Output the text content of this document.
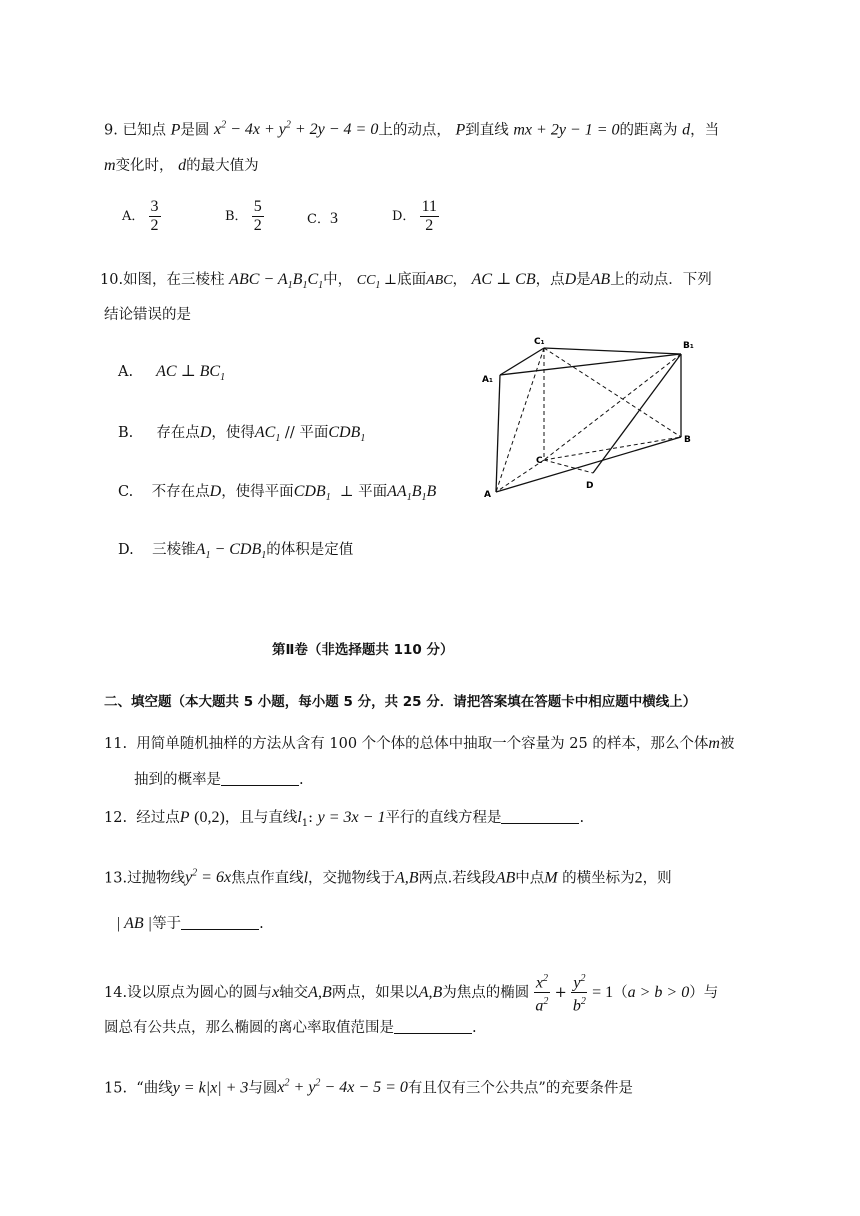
9. 已知点 P是圆 $x^2 - 4x + y^2 + 2y - 4 = 0$上的动点， P到直线 mx + 2y − 1 = 0的距离为 d，当
m变化时， d的最大值为
A． $\frac{3}{2}$	B． $\frac{5}{2}$	C．3	D． $\frac{11}{2}$
10.如图，在三棱柱 ABC − $A_1B_1C_1$中， $CC_1$ ⊥底面ABC， AC ⊥ CB，点D是AB上的动点．下列
结论错误的是
A. AC ⊥ $BC_1$
B. 存在点D，使得$AC_1$ // 平面$CDB_1$
C. 不存在点D，使得平面$CDB_1$  ⊥ 平面$AA_1B_1B$
D. 三棱锥$A_1 - CDB_1$的体积是定值
C₁	B₁
A₁
C
B
A
D
第Ⅱ卷（非选择题共 110 分）
二、填空题（本大题共 5 小题，每小题 5 分，共 25 分．请把答案填在答题卡中相应题中横线上）
11. 用简单随机抽样的方法从含有 100 个个体的总体中抽取一个容量为 25 的样本，那么个体m被
抽到的概率是	.
12. 经过点P (0,2)，且与直线$l_1$: y = 3x − 1平行的直线方程是	.
13.过抛物线$y^2 = 6x$焦点作直线l，交抛物线于A,B两点.若线段AB中点M 的横坐标为2，则
| AB |等于	.
14.设以原点为圆心的圆与x轴交A,B两点，如果以A,B为焦点的椭圆 $\frac{x^2}{a^2} + \frac{y^2}{b^2} = 1(a > b > 0)$与
圆总有公共点，那么椭圆的离心率取值范围是	.
15. “曲线y = k|x| + 3与圆$x^2 + y^2 - 4x - 5 = 0$有且仅有三个公共点”的充要条件是
